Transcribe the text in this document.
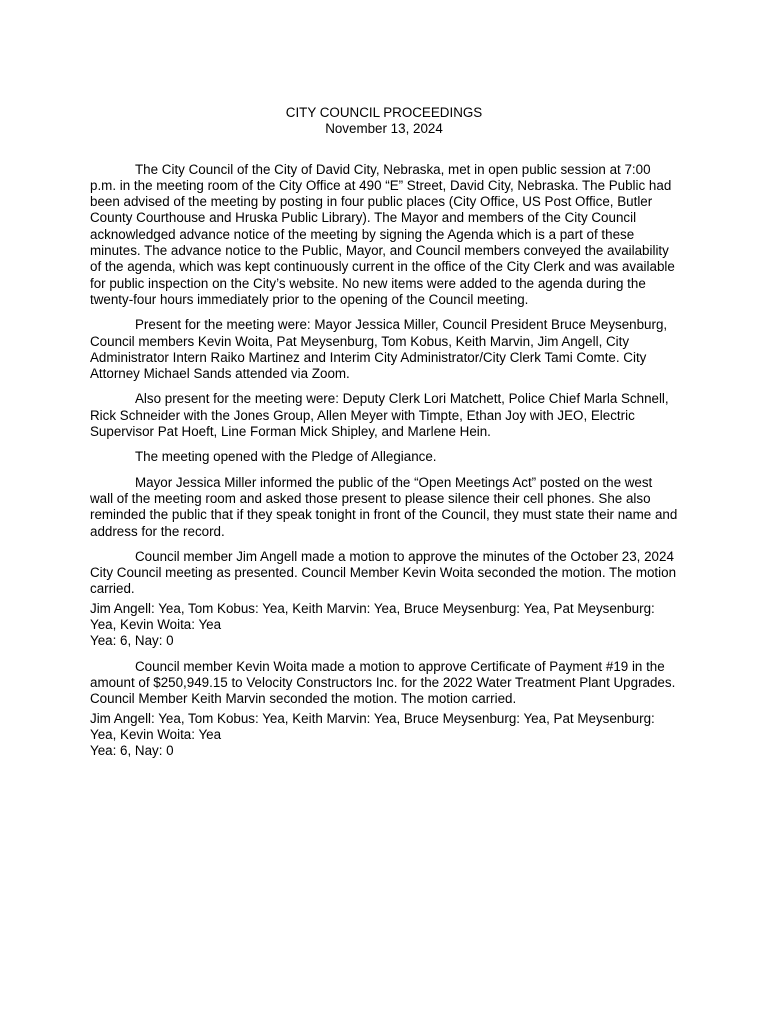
CITY COUNCIL PROCEEDINGS
November 13, 2024

The City Council of the City of David City, Nebraska, met in open public session at 7:00 p.m. in the meeting room of the City Office at 490 “E” Street, David City, Nebraska. The Public had been advised of the meeting by posting in four public places (City Office, US Post Office, Butler County Courthouse and Hruska Public Library). The Mayor and members of the City Council acknowledged advance notice of the meeting by signing the Agenda which is a part of these minutes. The advance notice to the Public, Mayor, and Council members conveyed the availability of the agenda, which was kept continuously current in the office of the City Clerk and was available for public inspection on the City’s website. No new items were added to the agenda during the twenty-four hours immediately prior to the opening of the Council meeting.

Present for the meeting were: Mayor Jessica Miller, Council President Bruce Meysenburg, Council members Kevin Woita, Pat Meysenburg, Tom Kobus, Keith Marvin, Jim Angell, City Administrator Intern Raiko Martinez and Interim City Administrator/City Clerk Tami Comte. City Attorney Michael Sands attended via Zoom.

Also present for the meeting were: Deputy Clerk Lori Matchett, Police Chief Marla Schnell, Rick Schneider with the Jones Group, Allen Meyer with Timpte, Ethan Joy with JEO, Electric Supervisor Pat Hoeft, Line Forman Mick Shipley, and Marlene Hein.

The meeting opened with the Pledge of Allegiance.

Mayor Jessica Miller informed the public of the “Open Meetings Act” posted on the west wall of the meeting room and asked those present to please silence their cell phones. She also reminded the public that if they speak tonight in front of the Council, they must state their name and address for the record.

Council member Jim Angell made a motion to approve the minutes of the October 23, 2024 City Council meeting as presented. Council Member Kevin Woita seconded the motion. The motion carried.

Jim Angell: Yea, Tom Kobus: Yea, Keith Marvin: Yea, Bruce Meysenburg: Yea, Pat Meysenburg: Yea, Kevin Woita: Yea
Yea: 6, Nay: 0

Council member Kevin Woita made a motion to approve Certificate of Payment #19 in the amount of $250,949.15 to Velocity Constructors Inc. for the 2022 Water Treatment Plant Upgrades. Council Member Keith Marvin seconded the motion. The motion carried.

Jim Angell: Yea, Tom Kobus: Yea, Keith Marvin: Yea, Bruce Meysenburg: Yea, Pat Meysenburg: Yea, Kevin Woita: Yea
Yea: 6, Nay: 0
